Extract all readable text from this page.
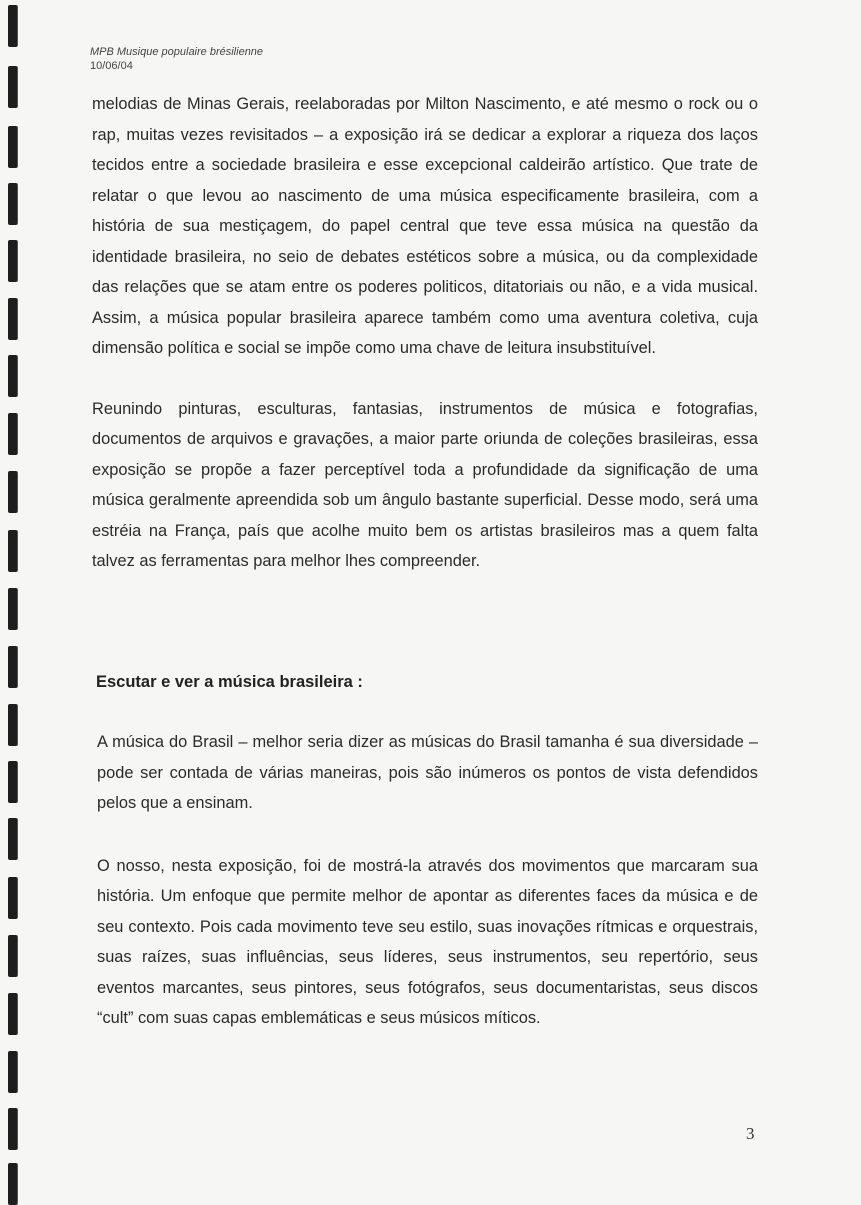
MPB Musique populaire brésilienne
10/06/04

melodias de Minas Gerais, reelaboradas por Milton Nascimento, e até mesmo o rock ou o rap, muitas vezes revisitados – a exposição irá se dedicar a explorar a riqueza dos laços tecidos entre a sociedade brasileira e esse excepcional caldeirão artístico. Que trate de relatar o que levou ao nascimento de uma música especificamente brasileira, com a história de sua mestiçagem, do papel central que teve essa música na questão da identidade brasileira, no seio de debates estéticos sobre a música, ou da complexidade das relações que se atam entre os poderes politicos, ditatoriais ou não, e a vida musical. Assim, a música popular brasileira aparece também como uma aventura coletiva, cuja dimensão política e social se impõe como uma chave de leitura insubstituível.

Reunindo pinturas, esculturas, fantasias, instrumentos de música e fotografias, documentos de arquivos e gravações, a maior parte oriunda de coleções brasileiras, essa exposição se propõe a fazer perceptível toda a profundidade da significação de uma música geralmente apreendida sob um ângulo bastante superficial. Desse modo, será uma estréia na França, país que acolhe muito bem os artistas brasileiros mas a quem falta talvez as ferramentas para melhor lhes compreender.

Escutar e ver a música brasileira :

A música do Brasil – melhor seria dizer as músicas do Brasil tamanha é sua diversidade – pode ser contada de várias maneiras, pois são inúmeros os pontos de vista defendidos pelos que a ensinam.

O nosso, nesta exposição, foi de mostrá-la através dos movimentos que marcaram sua história. Um enfoque que permite melhor de apontar as diferentes faces da música e de seu contexto. Pois cada movimento teve seu estilo, suas inovações rítmicas e orquestrais, suas raízes, suas influências, seus líderes, seus instrumentos, seu repertório, seus eventos marcantes, seus pintores, seus fotógrafos, seus documentaristas, seus discos “cult” com suas capas emblemáticas e seus músicos míticos.

3
